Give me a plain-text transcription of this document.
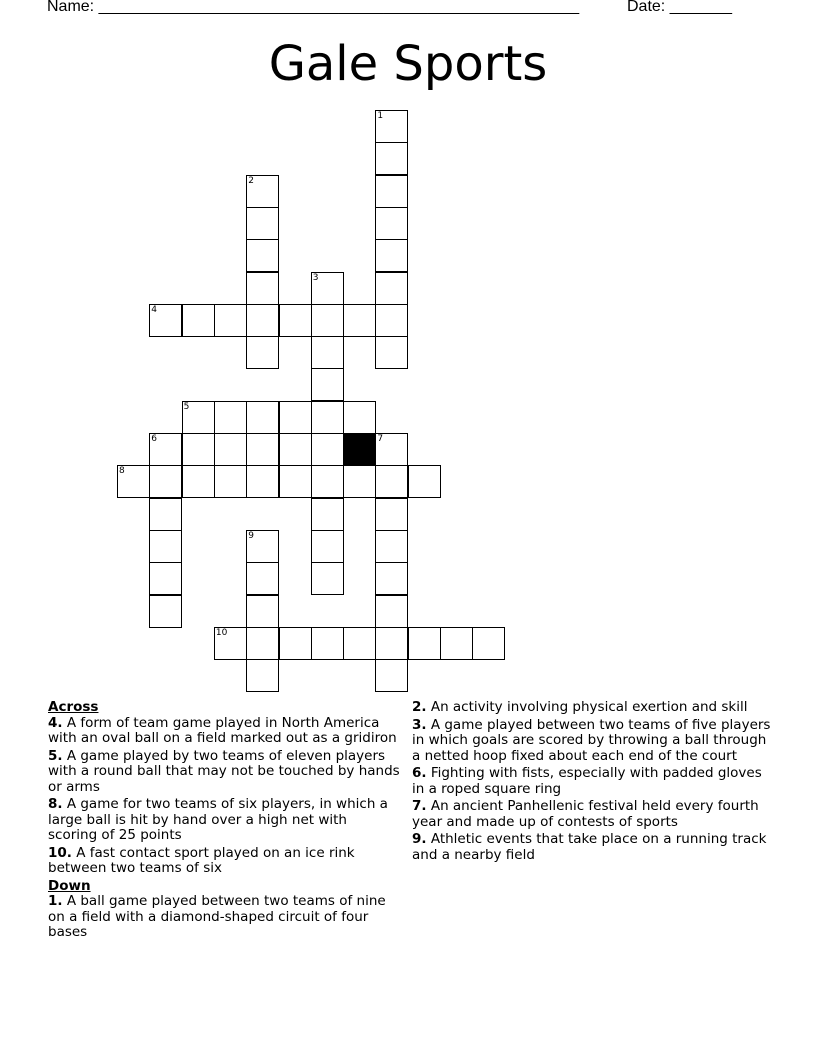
Name: ______________________________________________________	Date: _______
Gale Sports
1
2
3
4
5
6	7
8
9
10
Across
4. A form of team game played in North America with an oval ball on a field marked out as a gridiron
5. A game played by two teams of eleven players with a round ball that may not be touched by hands or arms
8. A game for two teams of six players, in which a large ball is hit by hand over a high net with scoring of 25 points
10. A fast contact sport played on an ice rink between two teams of six
Down
1. A ball game played between two teams of nine on a field with a diamond-shaped circuit of four bases
2. An activity involving physical exertion and skill
3. A game played between two teams of five players in which goals are scored by throwing a ball through a netted hoop fixed about each end of the court
6. Fighting with fists, especially with padded gloves in a roped square ring
7. An ancient Panhellenic festival held every fourth year and made up of contests of sports
9. Athletic events that take place on a running track and a nearby field
